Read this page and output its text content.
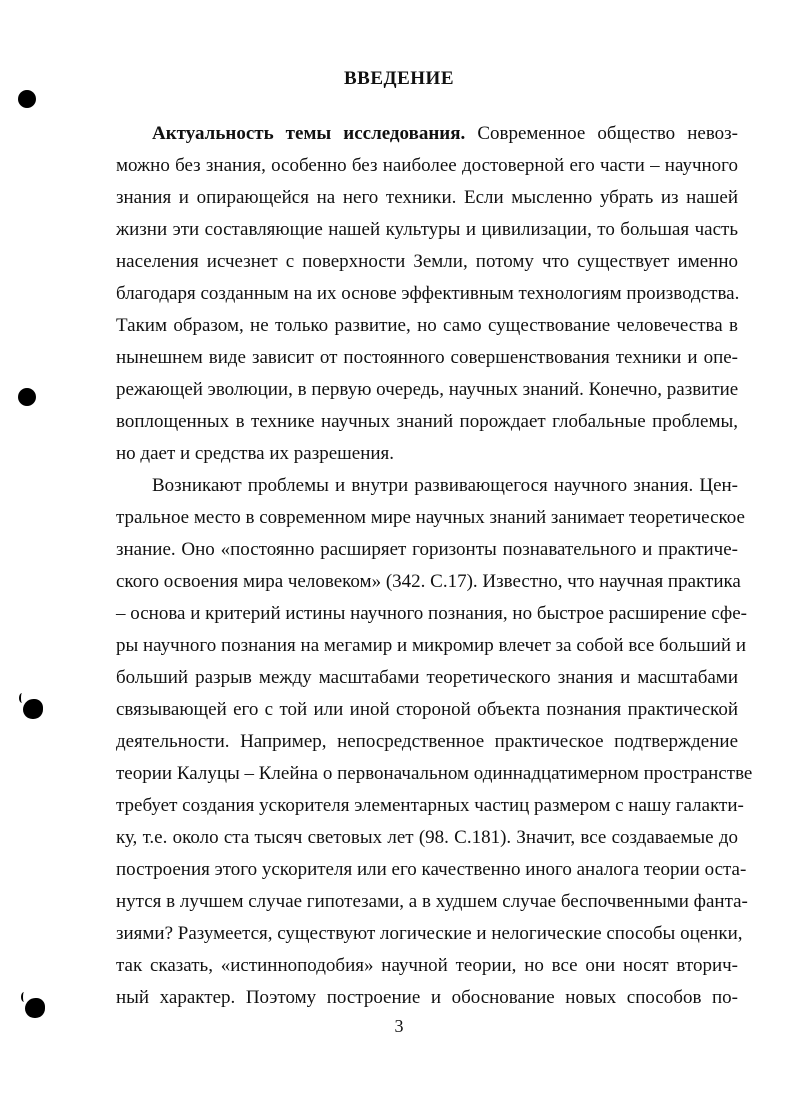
ВВЕДЕНИЕ
Актуальность темы исследования. Современное общество невоз-
можно без знания, особенно без наиболее достоверной его части – научного
знания и опирающейся на него техники. Если мысленно убрать из нашей
жизни эти составляющие нашей культуры и цивилизации, то большая часть
населения исчезнет с поверхности Земли, потому что существует именно
благодаря созданным на их основе эффективным технологиям производства.
Таким образом, не только развитие, но само существование человечества в
нынешнем виде зависит от постоянного совершенствования техники и опе-
режающей эволюции, в первую очередь, научных знаний. Конечно, развитие
воплощенных в технике научных знаний порождает глобальные проблемы,
но дает и средства их разрешения.
Возникают проблемы и внутри развивающегося научного знания. Цен-
тральное место в современном мире научных знаний занимает теоретическое
знание. Оно «постоянно расширяет горизонты познавательного и практиче-
ского освоения мира человеком» (342. С.17). Известно, что научная практика
– основа и критерий истины научного познания, но быстрое расширение сфе-
ры научного познания на мегамир и микромир влечет за собой все больший и
больший разрыв между масштабами теоретического знания и масштабами
связывающей его с той или иной стороной объекта познания практической
деятельности. Например, непосредственное практическое подтверждение
теории Калуцы – Клейна о первоначальном одиннадцатимерном пространстве
требует создания ускорителя элементарных частиц размером с нашу галакти-
ку, т.е. около ста тысяч световых лет (98. С.181). Значит, все создаваемые до
построения этого ускорителя или его качественно иного аналога теории оста-
нутся в лучшем случае гипотезами, а в худшем случае беспочвенными фанта-
зиями? Разумеется, существуют логические и нелогические способы оценки,
так сказать, «истинноподобия» научной теории, но все они носят вторич-
ный характер. Поэтому построение и обоснование новых способов по-
3
